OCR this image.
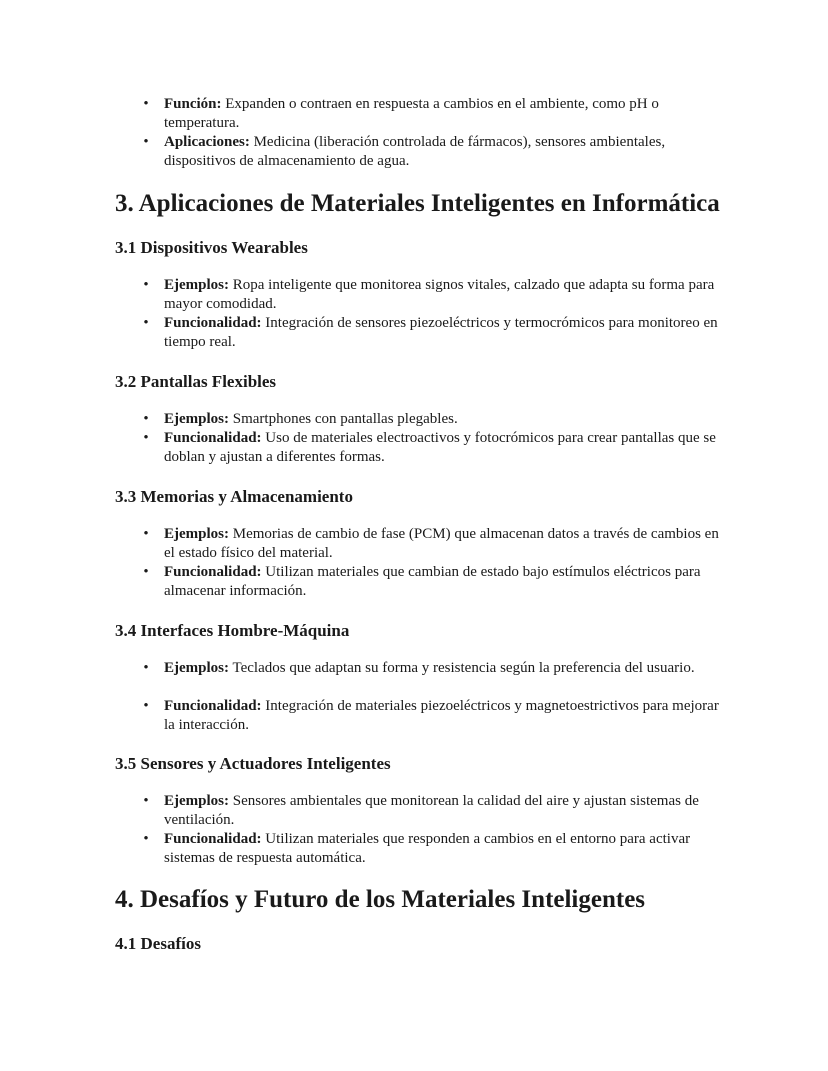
• Función: Expanden o contraen en respuesta a cambios en el ambiente, como pH o temperatura.
• Aplicaciones: Medicina (liberación controlada de fármacos), sensores ambientales, dispositivos de almacenamiento de agua.
3. Aplicaciones de Materiales Inteligentes en Informática
3.1 Dispositivos Wearables
• Ejemplos: Ropa inteligente que monitorea signos vitales, calzado que adapta su forma para mayor comodidad.
• Funcionalidad: Integración de sensores piezoeléctricos y termocrómicos para monitoreo en tiempo real.
3.2 Pantallas Flexibles
• Ejemplos: Smartphones con pantallas plegables.
• Funcionalidad: Uso de materiales electroactivos y fotocrómicos para crear pantallas que se doblan y ajustan a diferentes formas.
3.3 Memorias y Almacenamiento
• Ejemplos: Memorias de cambio de fase (PCM) que almacenan datos a través de cambios en el estado físico del material.
• Funcionalidad: Utilizan materiales que cambian de estado bajo estímulos eléctricos para almacenar información.
3.4 Interfaces Hombre-Máquina
• Ejemplos: Teclados que adaptan su forma y resistencia según la preferencia del usuario.
• Funcionalidad: Integración de materiales piezoeléctricos y magnetoestrictivos para mejorar la interacción.
3.5 Sensores y Actuadores Inteligentes
• Ejemplos: Sensores ambientales que monitorean la calidad del aire y ajustan sistemas de ventilación.
• Funcionalidad: Utilizan materiales que responden a cambios en el entorno para activar sistemas de respuesta automática.
4. Desafíos y Futuro de los Materiales Inteligentes
4.1 Desafíos
